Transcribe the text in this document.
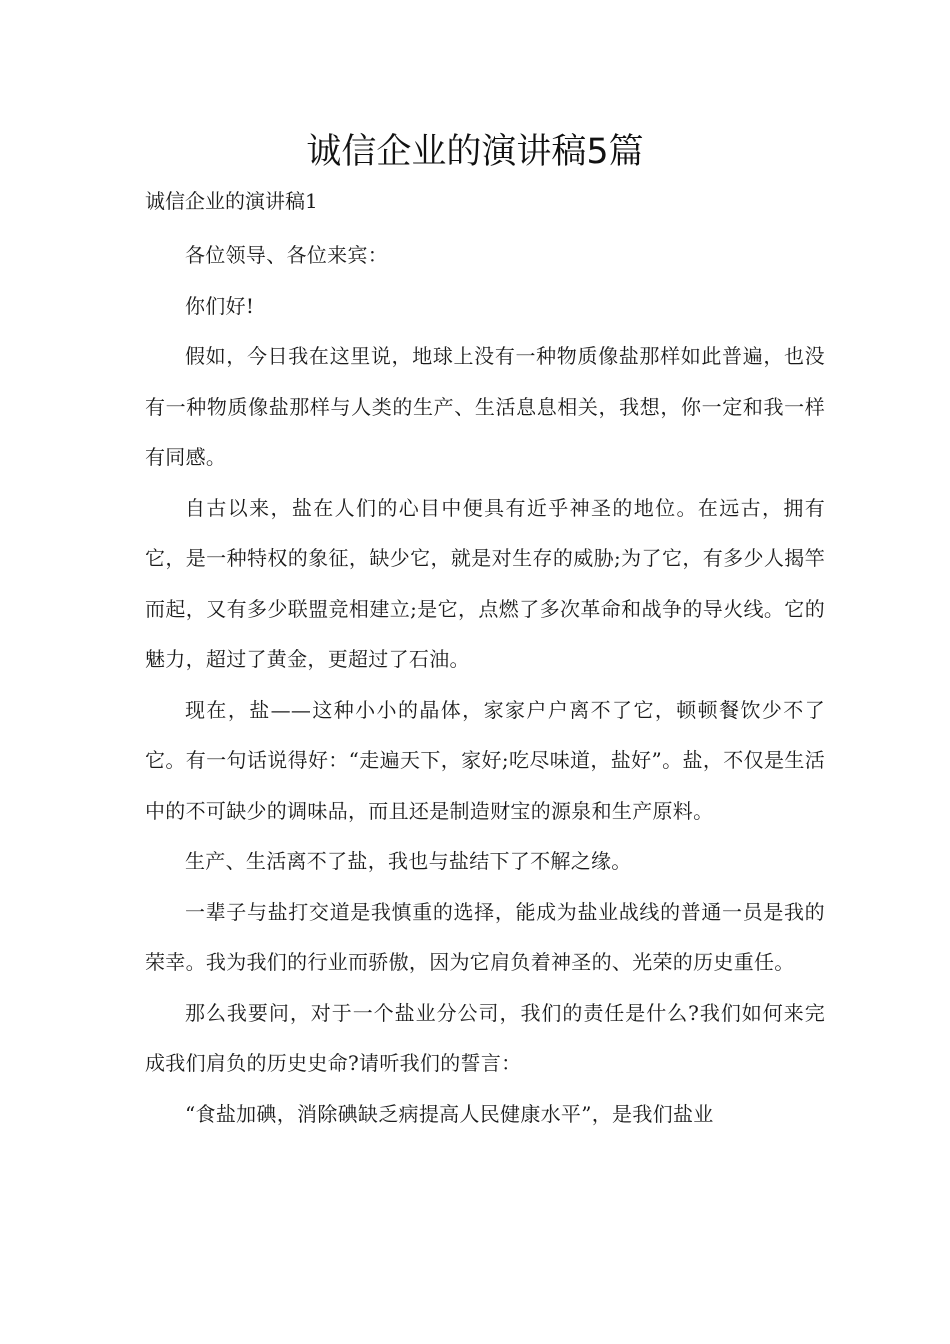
诚信企业的演讲稿5篇
诚信企业的演讲稿1

各位领导、各位来宾：

你们好!

假如，今日我在这里说，地球上没有一种物质像盐那样如此普遍，也没有一种物质像盐那样与人类的生产、生活息息相关，我想，你一定和我一样有同感。

自古以来，盐在人们的心目中便具有近乎神圣的地位。在远古，拥有它，是一种特权的象征，缺少它，就是对生存的威胁;为了它，有多少人揭竿而起，又有多少联盟竞相建立;是它，点燃了多次革命和战争的导火线。它的魅力，超过了黄金，更超过了石油。

现在，盐——这种小小的晶体，家家户户离不了它，顿顿餐饮少不了它。有一句话说得好：“走遍天下，家好;吃尽味道，盐好”。盐，不仅是生活中的不可缺少的调味品，而且还是制造财宝的源泉和生产原料。

生产、生活离不了盐，我也与盐结下了不解之缘。

一辈子与盐打交道是我慎重的选择，能成为盐业战线的普通一员是我的荣幸。我为我们的行业而骄傲，因为它肩负着神圣的、光荣的历史重任。

那么我要问，对于一个盐业分公司，我们的责任是什么?我们如何来完成我们肩负的历史史命?请听我们的誓言：

“食盐加碘，消除碘缺乏病提高人民健康水平”，是我们盐业
